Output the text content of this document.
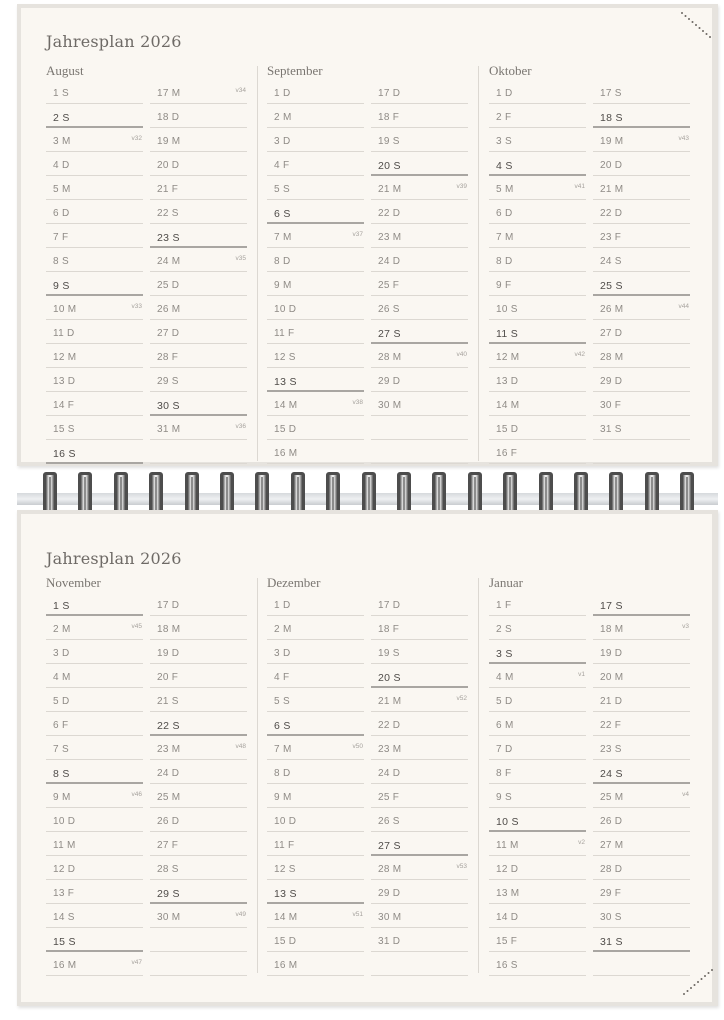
Jahresplan 2026
August
1 S
2 S
3 M	v32
4 D
5 M
6 D
7 F
8 S
9 S
10 M	v33
11 D
12 M
13 D
14 F
15 S
16 S
17 M	v34
18 D
19 M
20 D
21 F
22 S
23 S
24 M	v35
25 D
26 M
27 D
28 F
29 S
30 S
31 M	v36
September
1 D
2 M
3 D
4 F
5 S
6 S
7 M	v37
8 D
9 M
10 D
11 F
12 S
13 S
14 M	v38
15 D
16 M
17 D
18 F
19 S
20 S
21 M	v39
22 D
23 M
24 D
25 F
26 S
27 S
28 M	v40
29 D
30 M
Oktober
1 D
2 F
3 S
4 S
5 M	v41
6 D
7 M
8 D
9 F
10 S
11 S
12 M	v42
13 D
14 M
15 D
16 F
17 S
18 S
19 M	v43
20 D
21 M
22 D
23 F
24 S
25 S
26 M	v44
27 D
28 M
29 D
30 F
31 S
Jahresplan 2026
November
1 S
2 M	v45
3 D
4 M
5 D
6 F
7 S
8 S
9 M	v46
10 D
11 M
12 D
13 F
14 S
15 S
16 M	v47
17 D
18 M
19 D
20 F
21 S
22 S
23 M	v48
24 D
25 M
26 D
27 F
28 S
29 S
30 M	v49
Dezember
1 D
2 M
3 D
4 F
5 S
6 S
7 M	v50
8 D
9 M
10 D
11 F
12 S
13 S
14 M	v51
15 D
16 M
17 D
18 F
19 S
20 S
21 M	v52
22 D
23 M
24 D
25 F
26 S
27 S
28 M	v53
29 D
30 M
31 D
Januar
1 F
2 S
3 S
4 M	v1
5 D
6 M
7 D
8 F
9 S
10 S
11 M	v2
12 D
13 M
14 D
15 F
16 S
17 S
18 M	v3
19 D
20 M
21 D
22 F
23 S
24 S
25 M	v4
26 D
27 M
28 D
29 F
30 S
31 S
